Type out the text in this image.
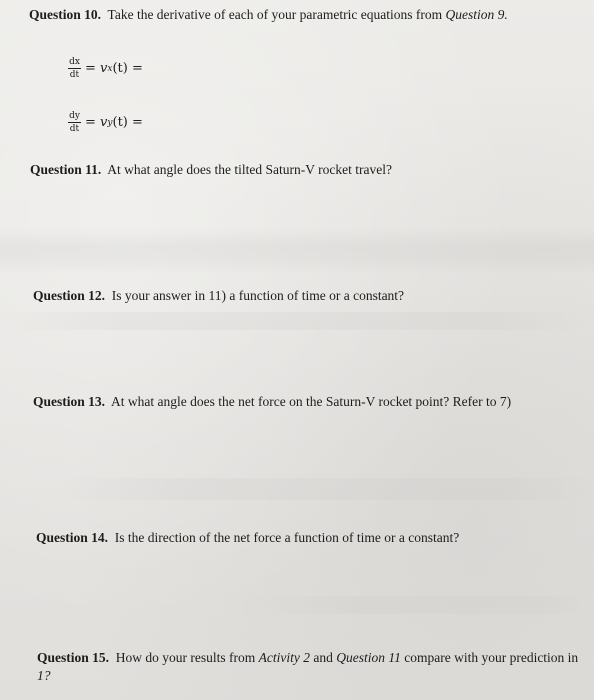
Question 10. Take the derivative of each of your parametric equations from Question 9.
$\frac{dx}{dt}$ =
v x (t)
=
$\frac{dy}{dt}$ =
v y (t)
=
Question 11. At what angle does the tilted Saturn-V rocket travel?
Question 12. Is your answer in 11) a function of time or a constant?
Question 13. At what angle does the net force on the Saturn-V rocket point? Refer to 7)
Question 14. Is the direction of the net force a function of time or a constant?
Question 15. How do your results from Activity 2 and Question 11 compare with your prediction in
1?
